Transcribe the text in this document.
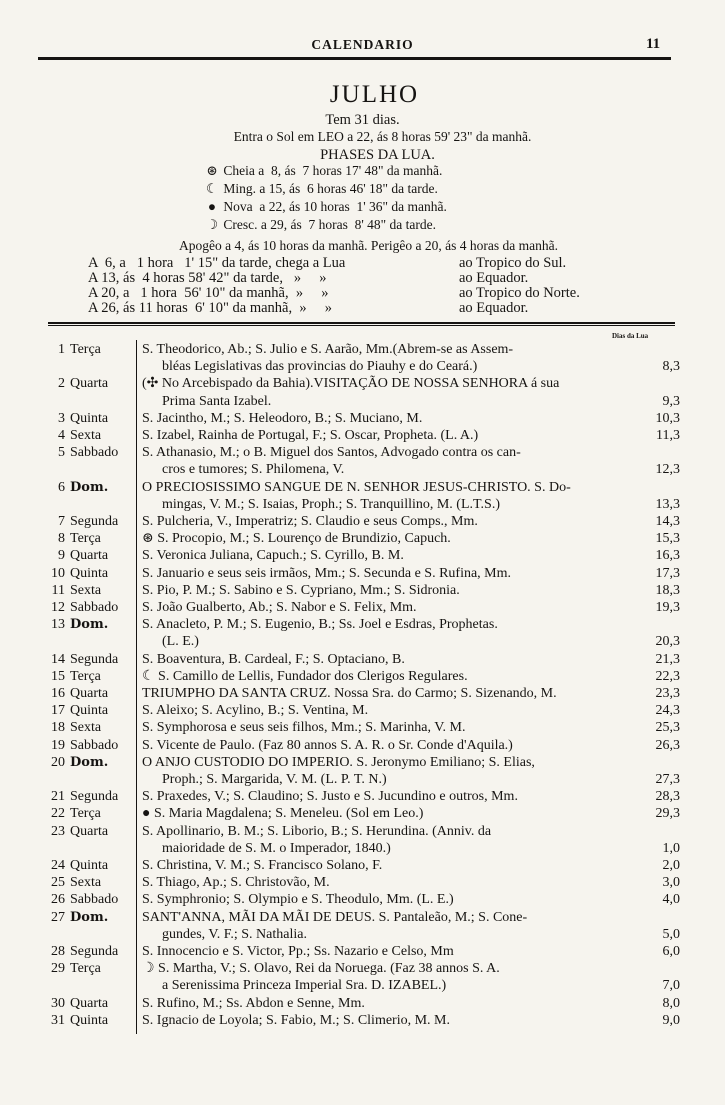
CALENDARIO	11
JULHO
Tem 31 dias.
Entra o Sol em LEO a 22, ás 8 horas 59' 23" da manhã.
PHASES DA LUA.
⊛ Cheia a  8, ás  7 horas 17' 48" da manhã.
☾ Ming. a 15, ás  6 horas 46' 18" da tarde.
● Nova  a 22, ás 10 horas  1' 36" da manhã.
☽ Cresc. a 29, ás  7 horas  8' 48" da tarde.
Apogêo a 4, ás 10 horas da manhã. Perigêo a 20, ás 4 horas da manhã.
A  6, a   1 hora   1' 15" da tarde, chega a Lua	ao Tropico do Sul.
A 13, ás  4 horas 58' 42" da tarde,   »     »	ao Equador.
A 20, a   1 hora  56' 10" da manhã,  »     »	ao Tropico do Norte.
A 26, ás 11 horas  6' 10" da manhã,  »     »	ao Equador.
Dias da Lua
1 Terça	S. Theodorico, Ab.; S. Julio e S. Aarão, Mm.(Abrem-se as Assem-
bléas Legislativas das provincias do Piauhy e do Ceará.)	8,3
2 Quarta (✣ No Arcebispado da Bahia).VISITAÇÃO DE NOSSA SENHORA á sua
Prima Santa Izabel.	9,3
3 Quinta S. Jacintho, M.; S. Heleodoro, B.; S. Muciano, M.	10,3
4 Sexta	S. Izabel, Rainha de Portugal, F.; S. Oscar, Propheta. (L. A.)	11,3
5 Sabbado S. Athanasio, M.; o B. Miguel dos Santos, Advogado contra os can-
cros e tumores; S. Philomena, V.	12,3
6 Dom. O PRECIOSISSIMO SANGUE DE N. SENHOR JESUS-CHRISTO. S. Do-
mingas, V. M.; S. Isaias, Proph.; S. Tranquillino, M. (L.T.S.)	13,3
7 Segunda S. Pulcheria, V., Imperatriz; S. Claudio e seus Comps., Mm.	14,3
8 Terça	⊛ S. Procopio, M.; S. Lourenço de Brundizio, Capuch.	15,3
9 Quarta S. Veronica Juliana, Capuch.; S. Cyrillo, B. M.	16,3
10 Quinta S. Januario e seus seis irmãos, Mm.; S. Secunda e S. Rufina, Mm.	17,3
11 Sexta	S. Pio, P. M.; S. Sabino e S. Cypriano, Mm.; S. Sidronia.	18,3
12 Sabbado S. João Gualberto, Ab.; S. Nabor e S. Felix, Mm.	19,3
13 Dom. S. Anacleto, P. M.; S. Eugenio, B.; Ss. Joel e Esdras, Prophetas.
(L. E.)	20,3
14 Segunda S. Boaventura, B. Cardeal, F.; S. Optaciano, B.	21,3
15 Terça	☾ S. Camillo de Lellis, Fundador dos Clerigos Regulares.	22,3
16 Quarta TRIUMPHO DA SANTA CRUZ. Nossa Sra. do Carmo; S. Sizenando, M.	23,3
17 Quinta S. Aleixo; S. Acylino, B.; S. Ventina, M.	24,3
18 Sexta	S. Symphorosa e seus seis filhos, Mm.; S. Marinha, V. M.	25,3
19 Sabbado S. Vicente de Paulo. (Faz 80 annos S. A. R. o Sr. Conde d'Aquila.)	26,3
20 Dom. O ANJO CUSTODIO DO IMPERIO. S. Jeronymo Emiliano; S. Elias,
Proph.; S. Margarida, V. M. (L. P. T. N.)	27,3
21 Segunda S. Praxedes, V.; S. Claudino; S. Justo e S. Jucundino e outros, Mm.	28,3
22 Terça	● S. Maria Magdalena; S. Meneleu. (Sol em Leo.)	29,3
23 Quarta S. Apollinario, B. M.; S. Liborio, B.; S. Herundina. (Anniv. da
maioridade de S. M. o Imperador, 1840.)	1,0
24 Quinta S. Christina, V. M.; S. Francisco Solano, F.	2,0
25 Sexta	S. Thiago, Ap.; S. Christovão, M.	3,0
26 Sabbado S. Symphronio; S. Olympio e S. Theodulo, Mm. (L. E.)	4,0
27 Dom. SANT'ANNA, MÃI DA MÃI DE DEUS. S. Pantaleão, M.; S. Cone-
gundes, V. F.; S. Nathalia.	5,0
28 Segunda S. Innocencio e S. Victor, Pp.; Ss. Nazario e Celso, Mm	6,0
29 Terça	☽ S. Martha, V.; S. Olavo, Rei da Noruega. (Faz 38 annos S. A.
a Serenissima Princeza Imperial Sra. D. IZABEL.)	7,0
30 Quarta S. Rufino, M.; Ss. Abdon e Senne, Mm.	8,0
31 Quinta S. Ignacio de Loyola; S. Fabio, M.; S. Climerio, M. M.	9,0
